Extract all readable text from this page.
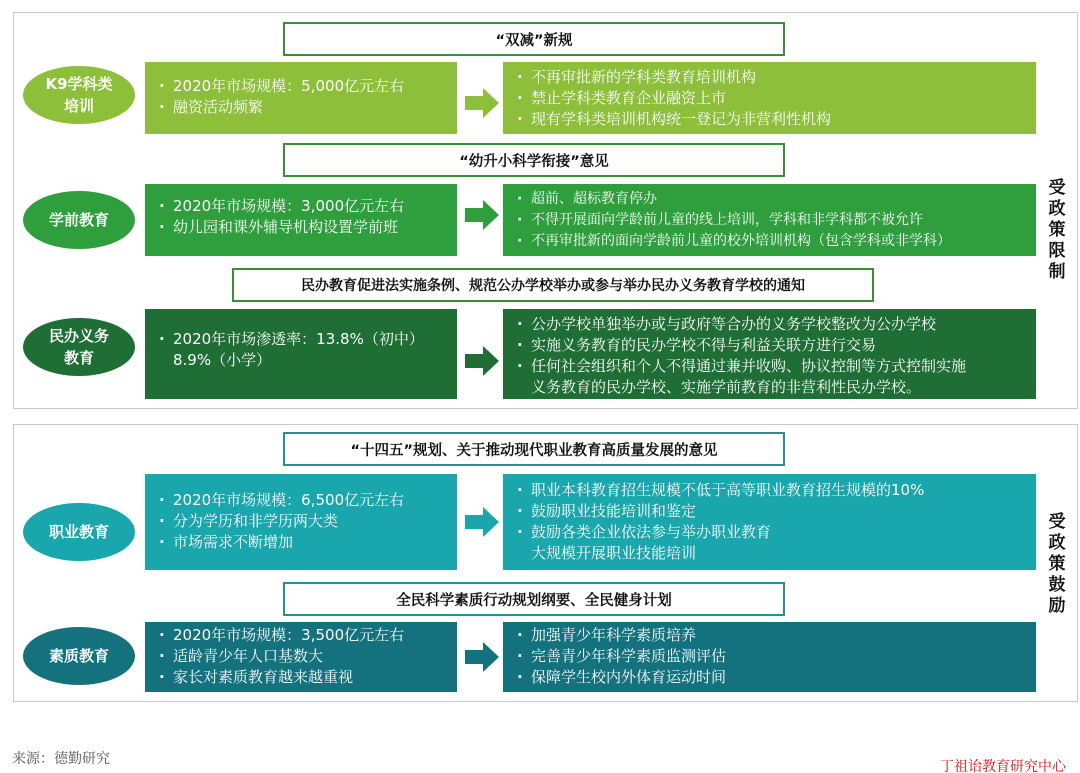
“双减”新规
K9学科类
培训
· 2020年市场规模：5,000亿元左右
· 融资活动频繁
· 不再审批新的学科类教育培训机构
· 禁止学科类教育企业融资上市
· 现有学科类培训机构统一登记为非营利性机构
“幼升小科学衔接”意见
学前教育
· 2020年市场规模：3,000亿元左右
· 幼儿园和课外辅导机构设置学前班
· 超前、超标教育停办
· 不得开展面向学龄前儿童的线上培训，学科和非学科都不被允许
· 不再审批新的面向学龄前儿童的校外培训机构（包含学科或非学科）
民办教育促进法实施条例、规范公办学校举办或参与举办民办义务教育学校的通知
民办义务
教育
· 2020年市场渗透率：13.8%（初中）
8.9%（小学）
· 公办学校单独举办或与政府等合办的义务学校整改为公办学校
· 实施义务教育的民办学校不得与利益关联方进行交易
· 任何社会组织和个人不得通过兼并收购、协议控制等方式控制实施
义务教育的民办学校、实施学前教育的非营利性民办学校。
受政策限制
“十四五”规划、关于推动现代职业教育高质量发展的意见
职业教育
· 2020年市场规模：6,500亿元左右
· 分为学历和非学历两大类
· 市场需求不断增加
· 职业本科教育招生规模不低于高等职业教育招生规模的10%
· 鼓励职业技能培训和鉴定
· 鼓励各类企业依法参与举办职业教育
大规模开展职业技能培训
全民科学素质行动规划纲要、全民健身计划
素质教育
· 2020年市场规模：3,500亿元左右
· 适龄青少年人口基数大
· 家长对素质教育越来越重视
· 加强青少年科学素质培养
· 完善青少年科学素质监测评估
· 保障学生校内外体育运动时间
受政策鼓励
来源：德勤研究	丁祖诒教育研究中心
